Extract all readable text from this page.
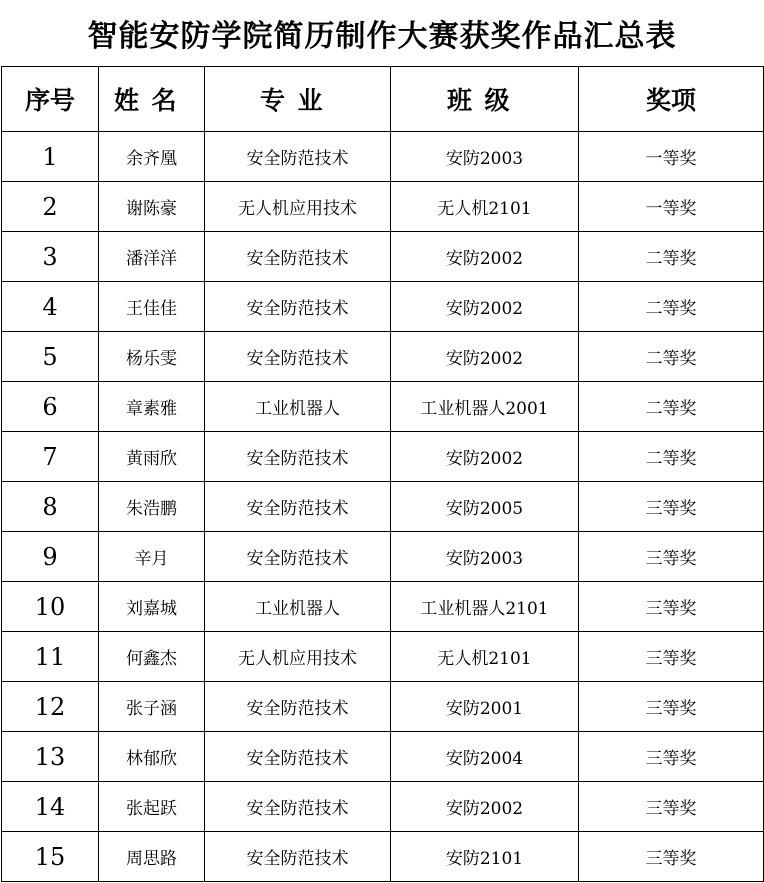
智能安防学院简历制作大赛获奖作品汇总表
序号	姓名	专业	班级	奖项
1	余齐凰	安全防范技术	安防2003	一等奖
2	谢陈豪	无人机应用技术	无人机2101	一等奖
3	潘洋洋	安全防范技术	安防2002	二等奖
4	王佳佳	安全防范技术	安防2002	二等奖
5	杨乐雯	安全防范技术	安防2002	二等奖
6	章素雅	工业机器人	工业机器人2001	二等奖
7	黄雨欣	安全防范技术	安防2002	二等奖
8	朱浩鹏	安全防范技术	安防2005	三等奖
9	辛月	安全防范技术	安防2003	三等奖
10	刘嘉城	工业机器人	工业机器人2101	三等奖
11	何鑫杰	无人机应用技术	无人机2101	三等奖
12	张子涵	安全防范技术	安防2001	三等奖
13	林郁欣	安全防范技术	安防2004	三等奖
14	张起跃	安全防范技术	安防2002	三等奖
15	周思路	安全防范技术	安防2101	三等奖
